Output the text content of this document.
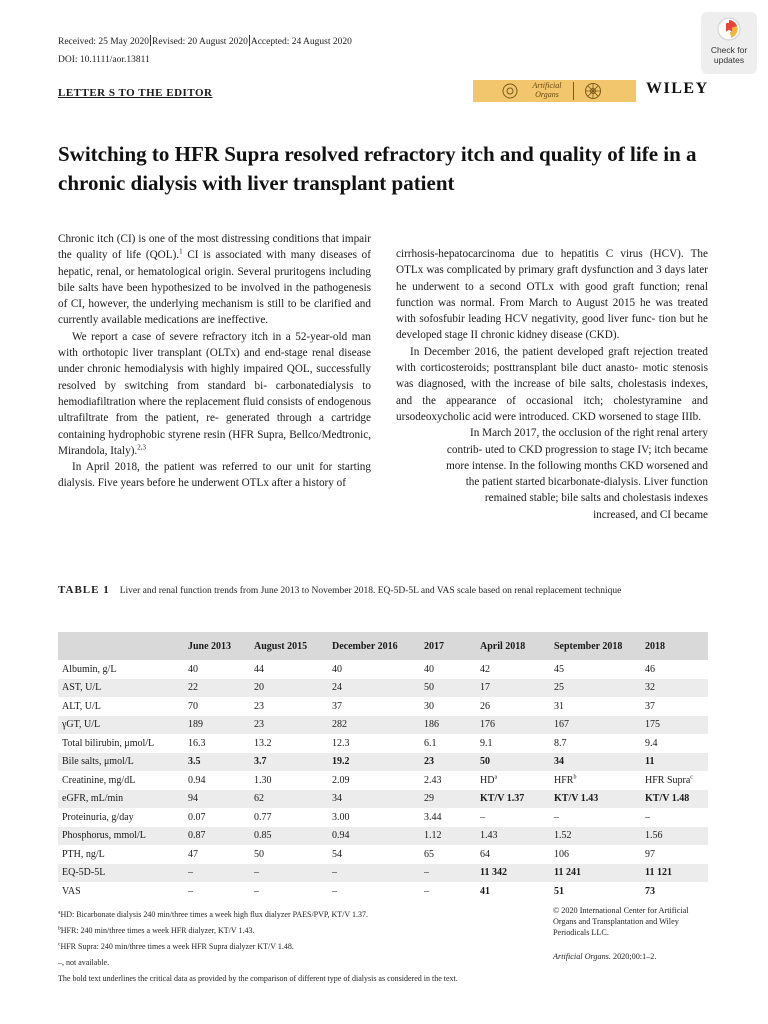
Received: 25 May 2020 Revised: 20 August 2020 Accepted: 24 August 2020
DOI: 10.1111/aor.13811
LETTER S TO THE EDITOR
Check for updates
Artificial Organs	WILEY
Switching to HFR Supra resolved refractory itch and quality of life in a chronic dialysis with liver transplant patient

Chronic itch (CI) is one of the most distressing conditions that impair the quality of life (QOL).$^1$ CI is associated with many diseases of hepatic, renal, or hematological origin. Several pruritogens including bile salts have been hypothesized to be involved in the pathogenesis of CI, however, the underlying mechanism is still to be clarified and currently available medications are ineffective.

We report a case of severe refractory itch in a 52-year-old man with orthotopic liver transplant (OLTx) and end-stage renal disease under chronic hemodialysis with highly impaired QOL, successfully resolved by switching from standard bi- carbonatedialysis to hemodiafiltration where the replacement fluid consists of endogenous ultrafiltrate from the patient, re- generated through a cartridge containing hydrophobic styrene resin (HFR Supra, Bellco/Medtronic, Mirandola, Italy).$^{2,3}$

In April 2018, the patient was referred to our unit for starting dialysis. Five years before he underwent OTLx after a history of

cirrhosis-hepatocarcinoma due to hepatitis C virus (HCV). The OTLx was complicated by primary graft dysfunction and 3 days later he underwent to a second OTLx with good graft function; renal function was normal. From March to August 2015 he was treated with sofosfubir leading HCV negativity, good liver func- tion but he developed stage II chronic kidney disease (CKD).

In December 2016, the patient developed graft rejection treated with corticosteroids; posttransplant bile duct anasto- motic stenosis was diagnosed, with the increase of bile salts, cholestasis indexes, and the appearance of occasional itch; cholestyramine and ursodeoxycholic acid were introduced. CKD worsened to stage IIIb.

In March 2017, the occlusion of the right renal artery

contrib- uted to CKD progression to stage IV; itch became

more intense. In the following months CKD worsened and

the patient started bicarbonate-dialysis. Liver function

remained stable; bile salts and cholestasis indexes

increased, and CI became

TABLE 1 Liver and renal function trends from June 2013 to November 2018. EQ-5D-5L and VAS scale based on renal replacement technique
	June 2013	August 2015	December 2016	2017	April 2018	September 2018	2018
Albumin, g/L	40	44	40	40	42	45	46
AST, U/L	22	20	24	50	17	25	32
ALT, U/L	70	23	37	30	26	31	37
γGT, U/L	189	23	282	186	176	167	175
Total bilirubin, μmol/L	16.3	13.2	12.3	6.1	9.1	8.7	9.4
Bile salts, μmol/L	3.5	3.7	19.2	23	50	34	11
Creatinine, mg/dL	0.94	1.30	2.09	2.43	$HD^a$	HFR$^b$	HFR Supra$^c$
eGFR, mL/min	94	62	34	29	KT/V 1.37	KT/V 1.43	KT/V 1.48
Proteinuria, g/day	0.07	0.77	3.00	3.44	–	–	–
Phosphorus, mmol/L	0.87	0.85	0.94	1.12	1.43	1.52	1.56
PTH, ng/L	47	50	54	65	64	106	97
EQ-5D-5L	–	–	–	–	11 342	11 241	11 121
VAS	–	–	–	–	41	51	73
$^a$HD: Bicarbonate dialysis 240 min/three times a week high flux dialyzer PAES/PVP, KT/V 1.37.
$^b$HFR: 240 min/three times a week HFR dialyzer, KT/V 1.43.
$^c$HFR Supra: 240 min/three times a week HFR Supra dialyzer KT/V 1.48.
–, not available.
The bold text underlines the critical data as provided by the comparison of different type of dialysis as considered in the text.
© 2020 International Center for Artificial Organs and Transplantation and Wiley Periodicals LLC.
Artificial Organs. 2020;00:1–2.
